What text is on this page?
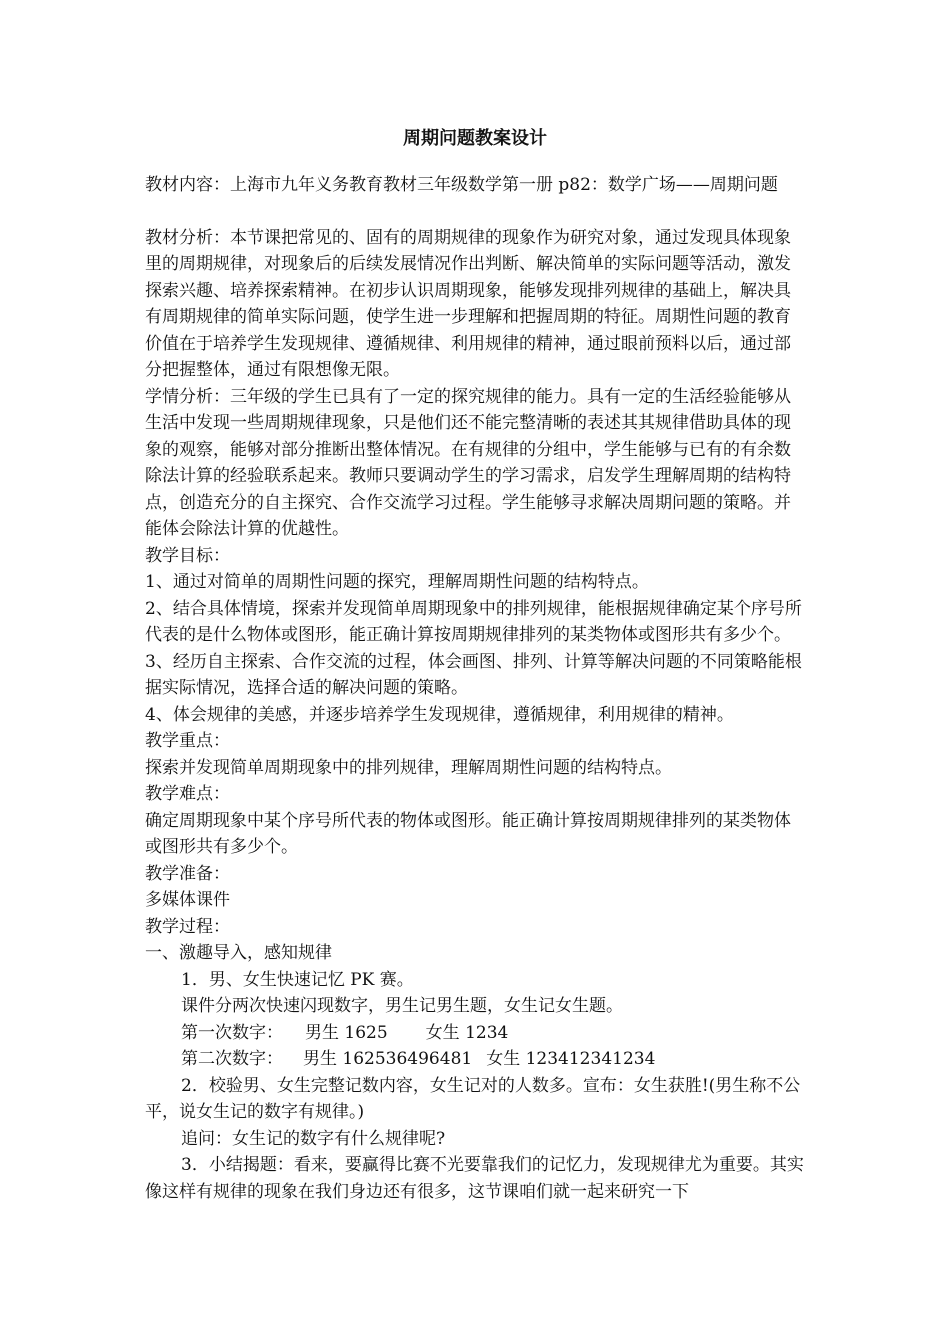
周期问题教案设计

教材内容：上海市九年义务教育教材三年级数学第一册 p82：数学广场——周期问题

教材分析：本节课把常见的、固有的周期规律的现象作为研究对象，通过发现具体现象里的周期规律，对现象后的后续发展情况作出判断、解决简单的实际问题等活动，激发探索兴趣、培养探索精神。在初步认识周期现象，能够发现排列规律的基础上，解决具有周期规律的简单实际问题，使学生进一步理解和把握周期的特征。周期性问题的教育价值在于培养学生发现规律、遵循规律、利用规律的精神，通过眼前预料以后，通过部分把握整体，通过有限想像无限。

学情分析：三年级的学生已具有了一定的探究规律的能力。具有一定的生活经验能够从生活中发现一些周期规律现象，只是他们还不能完整清晰的表述其其规律借助具体的现象的观察，能够对部分推断出整体情况。在有规律的分组中，学生能够与已有的有余数除法计算的经验联系起来。教师只要调动学生的学习需求，启发学生理解周期的结构特点，创造充分的自主探究、合作交流学习过程。学生能够寻求解决周期问题的策略。并能体会除法计算的优越性。

教学目标：

1、通过对简单的周期性问题的探究，理解周期性问题的结构特点。

2、结合具体情境，探索并发现简单周期现象中的排列规律，能根据规律确定某个序号所代表的是什么物体或图形，能正确计算按周期规律排列的某类物体或图形共有多少个。

3、经历自主探索、合作交流的过程，体会画图、排列、计算等解决问题的不同策略能根据实际情况，选择合适的解决问题的策略。

4、体会规律的美感，并逐步培养学生发现规律，遵循规律，利用规律的精神。

教学重点：

探索并发现简单周期现象中的排列规律，理解周期性问题的结构特点。

教学难点：

确定周期现象中某个序号所代表的物体或图形。能正确计算按周期规律排列的某类物体或图形共有多少个。

教学准备：

多媒体课件

教学过程：

一、激趣导入，感知规律

1．男、女生快速记忆 PK 赛。

课件分两次快速闪现数字，男生记男生题，女生记女生题。

第一次数字： 男生 1625 女生 1234

第二次数字： 男生 162536496481 女生 123412341234

2．校验男、女生完整记数内容，女生记对的人数多。宣布：女生获胜!(男生称不公平，说女生记的数字有规律。)

追问：女生记的数字有什么规律呢?

3．小结揭题：看来，要赢得比赛不光要靠我们的记忆力，发现规律尤为重要。其实像这样有规律的现象在我们身边还有很多，这节课咱们就一起来研究一下
